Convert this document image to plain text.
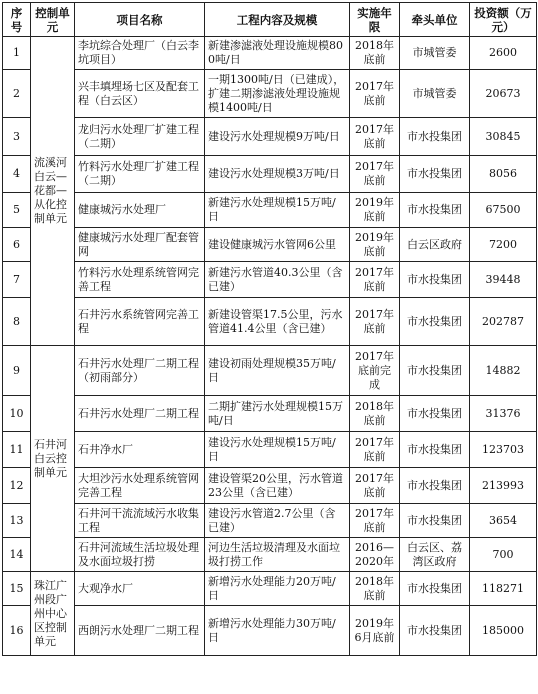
序号	控制单元	项目名称	工程内容及规模	实施年限	牵头单位	投资额（万元）
1	流溪河白云—花都—从化控制单元	李坑综合处理厂（白云李坑项目）	新建渗滤液处理设施规模800吨/日	2018年底前	市城管委	2600
2		兴丰填埋场七区及配套工程（白云区）	一期1300吨/日（已建成），扩建二期渗滤液处理设施规模1400吨/日	2017年底前	市城管委	20673
3		龙归污水处理厂扩建工程（二期）	建设污水处理规模9万吨/日	2017年底前	市水投集团	30845
4		竹料污水处理厂扩建工程（二期）	建设污水处理规模3万吨/日	2017年底前	市水投集团	8056
5		健康城污水处理厂	新建污水处理规模15万吨/日	2019年底前	市水投集团	67500
6		健康城污水处理厂配套管网	建设健康城污水管网6公里	2019年底前	白云区政府	7200
7		竹料污水处理系统管网完善工程	新建污水管道40.3公里（含已建）	2017年底前	市水投集团	39448
8		石井污水系统管网完善工程	新建设管渠17.5公里，污水管道41.4公里（含已建）	2017年底前	市水投集团	202787
9	石井河白云控制单元	石井污水处理厂二期工程（初雨部分）	建设初雨处理规模35万吨/日	2017年底前完成	市水投集团	14882
10		石井污水处理厂二期工程	二期扩建污水处理规模15万吨/日	2018年底前	市水投集团	31376
11		石井净水厂	建设污水处理规模15万吨/日	2017年底前	市水投集团	123703
12		大坦沙污水处理系统管网完善工程	建设管渠20公里，污水管道23公里（含已建）	2017年底前	市水投集团	213993
13		石井河干流流域污水收集工程	建设污水管道2.7公里（含已建）	2017年底前	市水投集团	3654
14		石井河流域生活垃圾处理及水面垃圾打捞	河边生活垃圾清理及水面垃圾打捞工作	2016—2020年	白云区、荔湾区政府	700
15	珠江广州段广州中心区控制单元	大观净水厂	新增污水处理能力20万吨/日	2018年底前	市水投集团	118271
16		西朗污水处理厂二期工程	新增污水处理能力30万吨/日	2019年6月底前	市水投集团	185000
